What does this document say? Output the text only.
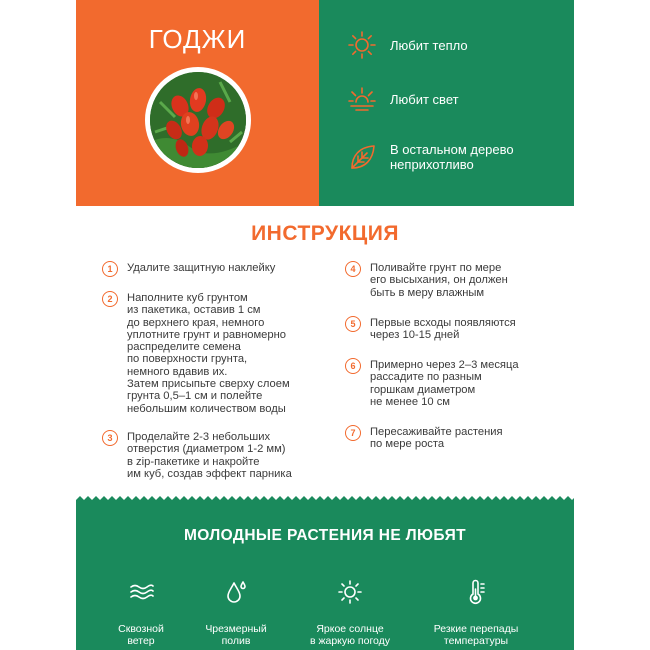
ГОДЖИ	Любит тепло
Любит свет
В остальном дерево
неприхотливо
ИНСТРУКЦИЯ
1	Удалите защитную наклейку
2	Наполните куб грунтом
из пакетика, оставив 1 см
до верхнего края, немного
уплотните грунт и равномерно
распределите семена
по поверхности грунта,
немного вдавив их.
Затем присыпьте сверху слоем
грунта 0,5–1 см и полейте
небольшим количеством воды
3	Проделайте 2-3 небольших
отверстия (диаметром 1-2 мм)
в zip-пакетике и накройте
им куб, создав эффект парника
4	Поливайте грунт по мере
его высыхания, он должен
быть в меру влажным
5	Первые всходы появляются
через 10-15 дней
6	Примерно через 2–3 месяца
рассадите по разным
горшкам диаметром
не менее 10 см
7	Пересаживайте растения
по мере роста
МОЛОДНЫЕ РАСТЕНИЯ НЕ ЛЮБЯТ

Сквозной
ветер

Чрезмерный
полив

Яркое солнце
в жаркую погоду

Резкие перепады
температуры
